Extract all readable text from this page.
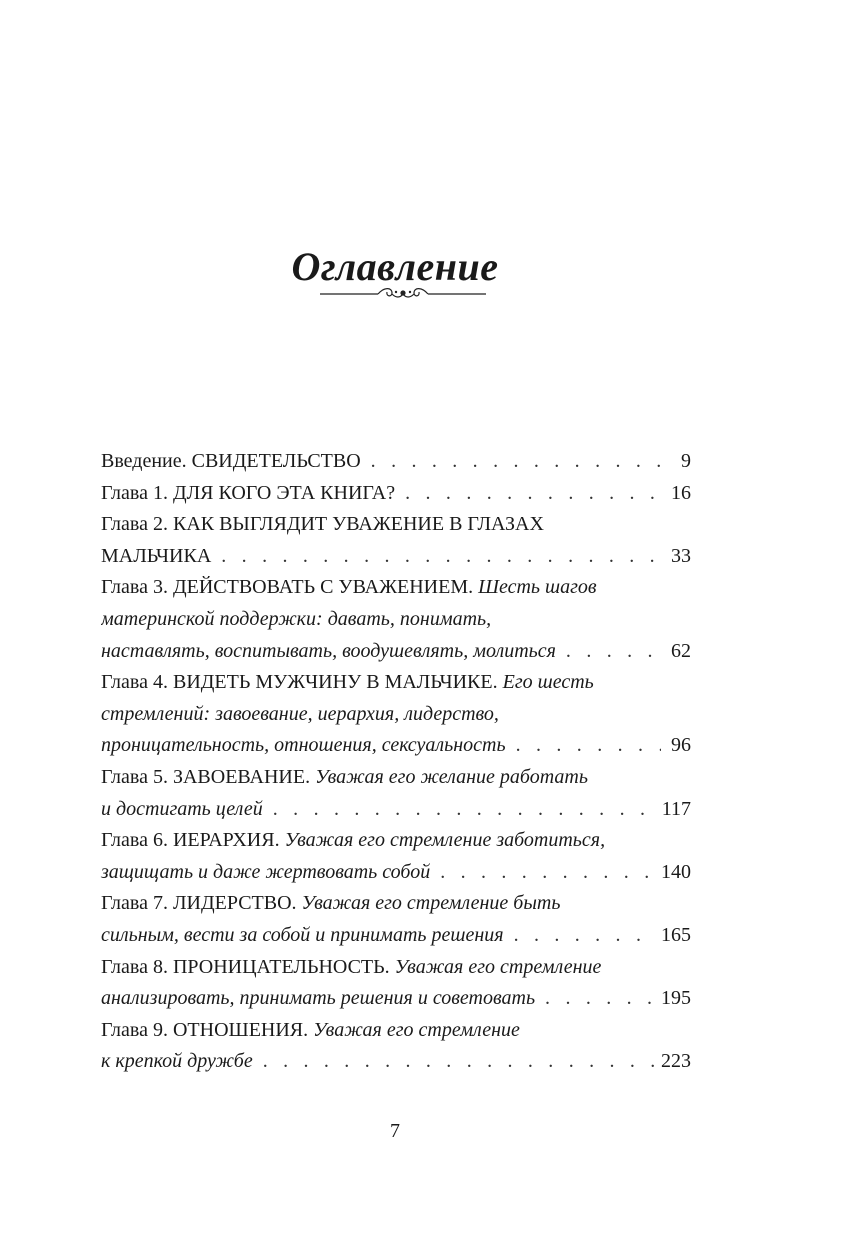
Оглавление
Введение. СВИДЕТЕЛЬСТВО . . .	9
Глава 1. ДЛЯ КОГО ЭТА КНИГА? . . .	16
Глава 2. КАК ВЫГЛЯДИТ УВАЖЕНИЕ В ГЛАЗАХ
МАЛЬЧИКА . . .	33
Глава 3. ДЕЙСТВОВАТЬ С УВАЖЕНИЕМ. Шесть шагов
материнской поддержки: давать, понимать,
наставлять, воспитывать, воодушевлять, молиться . . .	62
Глава 4. ВИДЕТЬ МУЖЧИНУ В МАЛЬЧИКЕ. Его шесть
стремлений: завоевание, иерархия, лидерство,
проницательность, отношения, сексуальность . . .	96
Глава 5. ЗАВОЕВАНИЕ. Уважая его желание работать
и достигать целей . . .	117
Глава 6. ИЕРАРХИЯ. Уважая его стремление заботиться,
защищать и даже жертвовать собой . . .	140
Глава 7. ЛИДЕРСТВО. Уважая его стремление быть
сильным, вести за собой и принимать решения . . .	165
Глава 8. ПРОНИЦАТЕЛЬНОСТЬ. Уважая его стремление
анализировать, принимать решения и советовать . . .	195
Глава 9. ОТНОШЕНИЯ. Уважая его стремление
к крепкой дружбе . . .	223
7
